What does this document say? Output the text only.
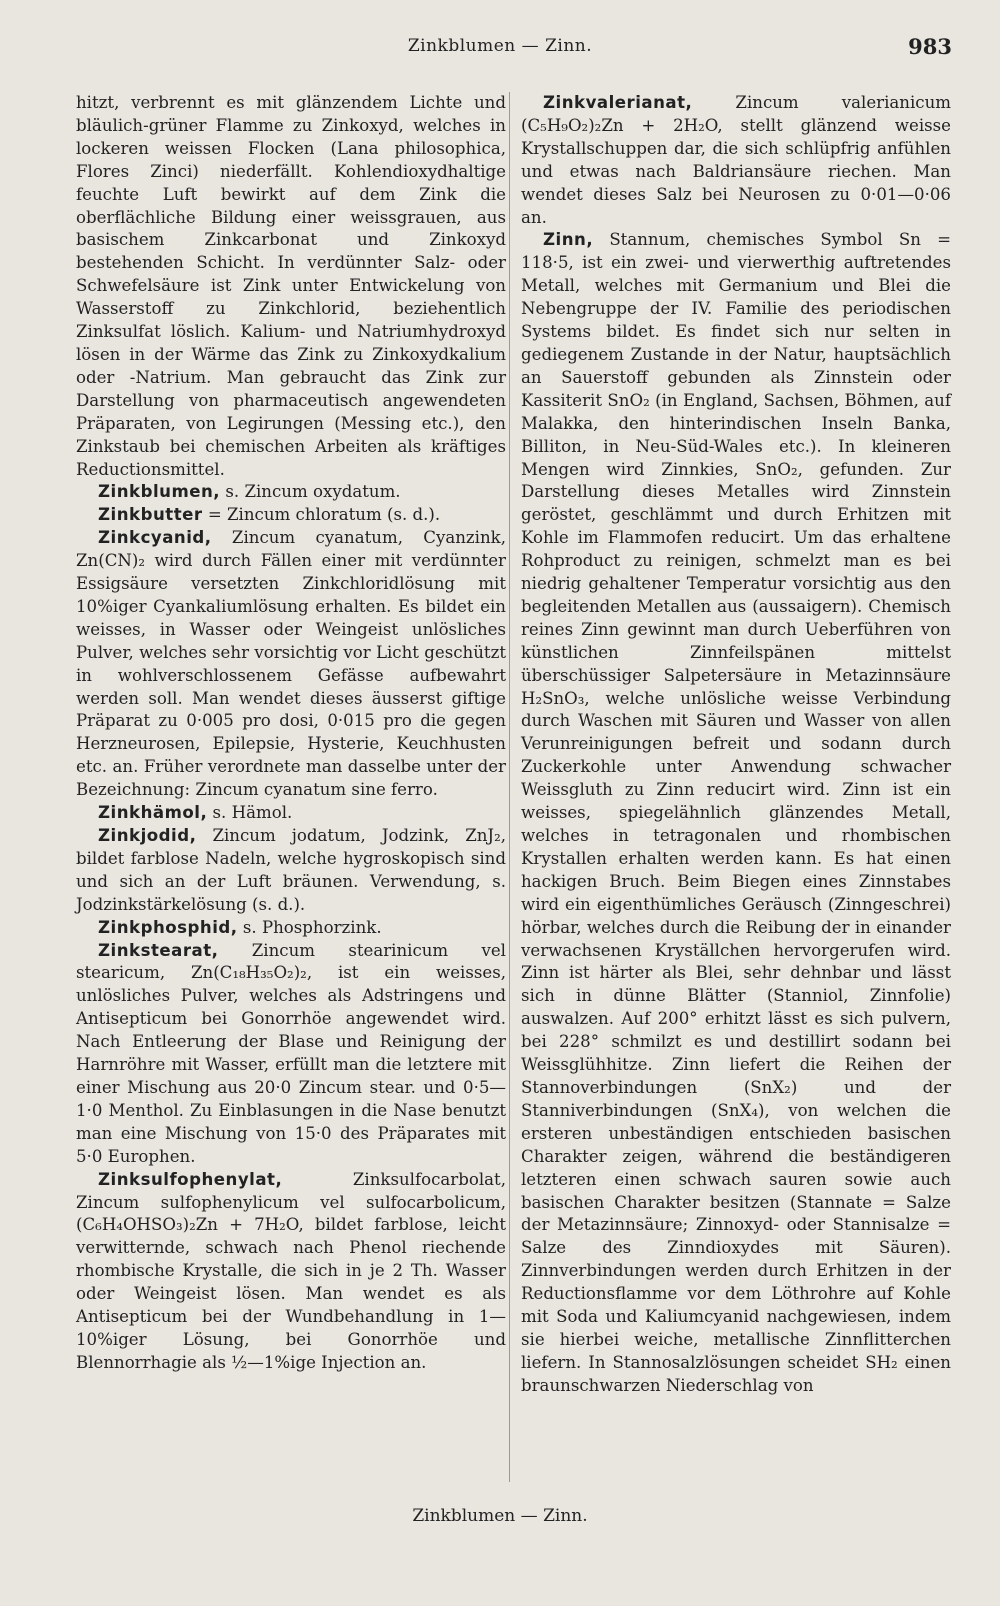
Zinkblumen — Zinn.	983

hitzt, verbrennt es mit glänzendem Lichte und bläulich-grüner Flamme zu Zinkoxyd, welches in lockeren weissen Flocken (Lana philosophica, Flores Zinci) niederfällt. Kohlendioxydhaltige feuchte Luft bewirkt auf dem Zink die oberflächliche Bildung einer weissgrauen, aus basischem Zinkcarbonat und Zinkoxyd bestehenden Schicht. In verdünnter Salz- oder Schwefelsäure ist Zink unter Entwickelung von Wasserstoff zu Zinkchlorid, beziehentlich Zinksulfat löslich. Kalium- und Natriumhydroxyd lösen in der Wärme das Zink zu Zinkoxydkalium oder -Natrium. Man gebraucht das Zink zur Darstellung von pharmaceutisch angewendeten Präparaten, von Legirungen (Messing etc.), den Zinkstaub bei chemischen Arbeiten als kräftiges Reductionsmittel.

Zinkblumen, s. Zincum oxydatum.

Zinkbutter = Zincum chloratum (s. d.).

Zinkcyanid, Zincum cyanatum, Cyanzink, Zn(CN)₂ wird durch Fällen einer mit verdünnter Essigsäure versetzten Zinkchloridlösung mit 10%iger Cyankaliumlösung erhalten. Es bildet ein weisses, in Wasser oder Weingeist unlösliches Pulver, welches sehr vorsichtig vor Licht geschützt in wohlverschlossenem Gefässe aufbewahrt werden soll. Man wendet dieses äusserst giftige Präparat zu 0·005 pro dosi, 0·015 pro die gegen Herzneurosen, Epilepsie, Hysterie, Keuchhusten etc. an. Früher verordnete man dasselbe unter der Bezeichnung: Zincum cyanatum sine ferro.

Zinkhämol, s. Hämol.

Zinkjodid, Zincum jodatum, Jodzink, ZnJ₂, bildet farblose Nadeln, welche hygroskopisch sind und sich an der Luft bräunen. Verwendung, s. Jodzinkstärkelösung (s. d.).

Zinkphosphid, s. Phosphorzink.

Zinkstearat, Zincum stearinicum vel stearicum, Zn(C₁₈H₃₅O₂)₂, ist ein weisses, unlösliches Pulver, welches als Adstringens und Antisepticum bei Gonorrhöe angewendet wird. Nach Entleerung der Blase und Reinigung der Harnröhre mit Wasser, erfüllt man die letztere mit einer Mischung aus 20·0 Zincum stear. und 0·5—1·0 Menthol. Zu Einblasungen in die Nase benutzt man eine Mischung von 15·0 des Präparates mit 5·0 Europhen.

Zinksulfophenylat, Zinksulfocarbolat, Zincum sulfophenylicum vel sulfocarbolicum, (C₆H₄OHSO₃)₂Zn + 7H₂O, bildet farblose, leicht verwitternde, schwach nach Phenol riechende rhombische Krystalle, die sich in je 2 Th. Wasser oder Weingeist lösen. Man wendet es als Antisepticum bei der Wundbehandlung in 1—10%iger Lösung, bei Gonorrhöe und Blennorrhagie als ½—1%ige Injection an.

Zinkvalerianat, Zincum valerianicum (C₅H₉O₂)₂Zn + 2H₂O, stellt glänzend weisse Krystallschuppen dar, die sich schlüpfrig anfühlen und etwas nach Baldriansäure riechen. Man wendet dieses Salz bei Neurosen zu 0·01—0·06 an.

Zinn, Stannum, chemisches Symbol Sn = 118·5, ist ein zwei- und vierwerthig auftretendes Metall, welches mit Germanium und Blei die Nebengruppe der IV. Familie des periodischen Systems bildet. Es findet sich nur selten in gediegenem Zustande in der Natur, hauptsächlich an Sauerstoff gebunden als Zinnstein oder Kassiterit SnO₂ (in England, Sachsen, Böhmen, auf Malakka, den hinterindischen Inseln Banka, Billiton, in Neu-Süd-Wales etc.). In kleineren Mengen wird Zinnkies, SnO₂, gefunden. Zur Darstellung dieses Metalles wird Zinnstein geröstet, geschlämmt und durch Erhitzen mit Kohle im Flammofen reducirt. Um das erhaltene Rohproduct zu reinigen, schmelzt man es bei niedrig gehaltener Temperatur vorsichtig aus den begleitenden Metallen aus (aussaigern). Chemisch reines Zinn gewinnt man durch Ueberführen von künstlichen Zinnfeilspänen mittelst überschüssiger Salpetersäure in Metazinnsäure H₂SnO₃, welche unlösliche weisse Verbindung durch Waschen mit Säuren und Wasser von allen Verunreinigungen befreit und sodann durch Zuckerkohle unter Anwendung schwacher Weissgluth zu Zinn reducirt wird. Zinn ist ein weisses, spiegelähnlich glänzendes Metall, welches in tetragonalen und rhombischen Krystallen erhalten werden kann. Es hat einen hackigen Bruch. Beim Biegen eines Zinnstabes wird ein eigenthümliches Geräusch (Zinngeschrei) hörbar, welches durch die Reibung der in einander verwachsenen Kryställchen hervorgerufen wird. Zinn ist härter als Blei, sehr dehnbar und lässt sich in dünne Blätter (Stanniol, Zinnfolie) auswalzen. Auf 200° erhitzt lässt es sich pulvern, bei 228° schmilzt es und destillirt sodann bei Weissglühhitze. Zinn liefert die Reihen der Stannoverbindungen (SnX₂) und der Stanniverbindungen (SnX₄), von welchen die ersteren unbeständigen entschieden basischen Charakter zeigen, während die beständigeren letzteren einen schwach sauren sowie auch basischen Charakter besitzen (Stannate = Salze der Metazinnsäure; Zinnoxyd- oder Stannisalze = Salze des Zinndioxydes mit Säuren). Zinnverbindungen werden durch Erhitzen in der Reductionsflamme vor dem Löthrohre auf Kohle mit Soda und Kaliumcyanid nachgewiesen, indem sie hierbei weiche, metallische Zinnflitterchen liefern. In Stannosalzlösungen scheidet SH₂ einen braunschwarzen Niederschlag von

Zinkblumen — Zinn.
